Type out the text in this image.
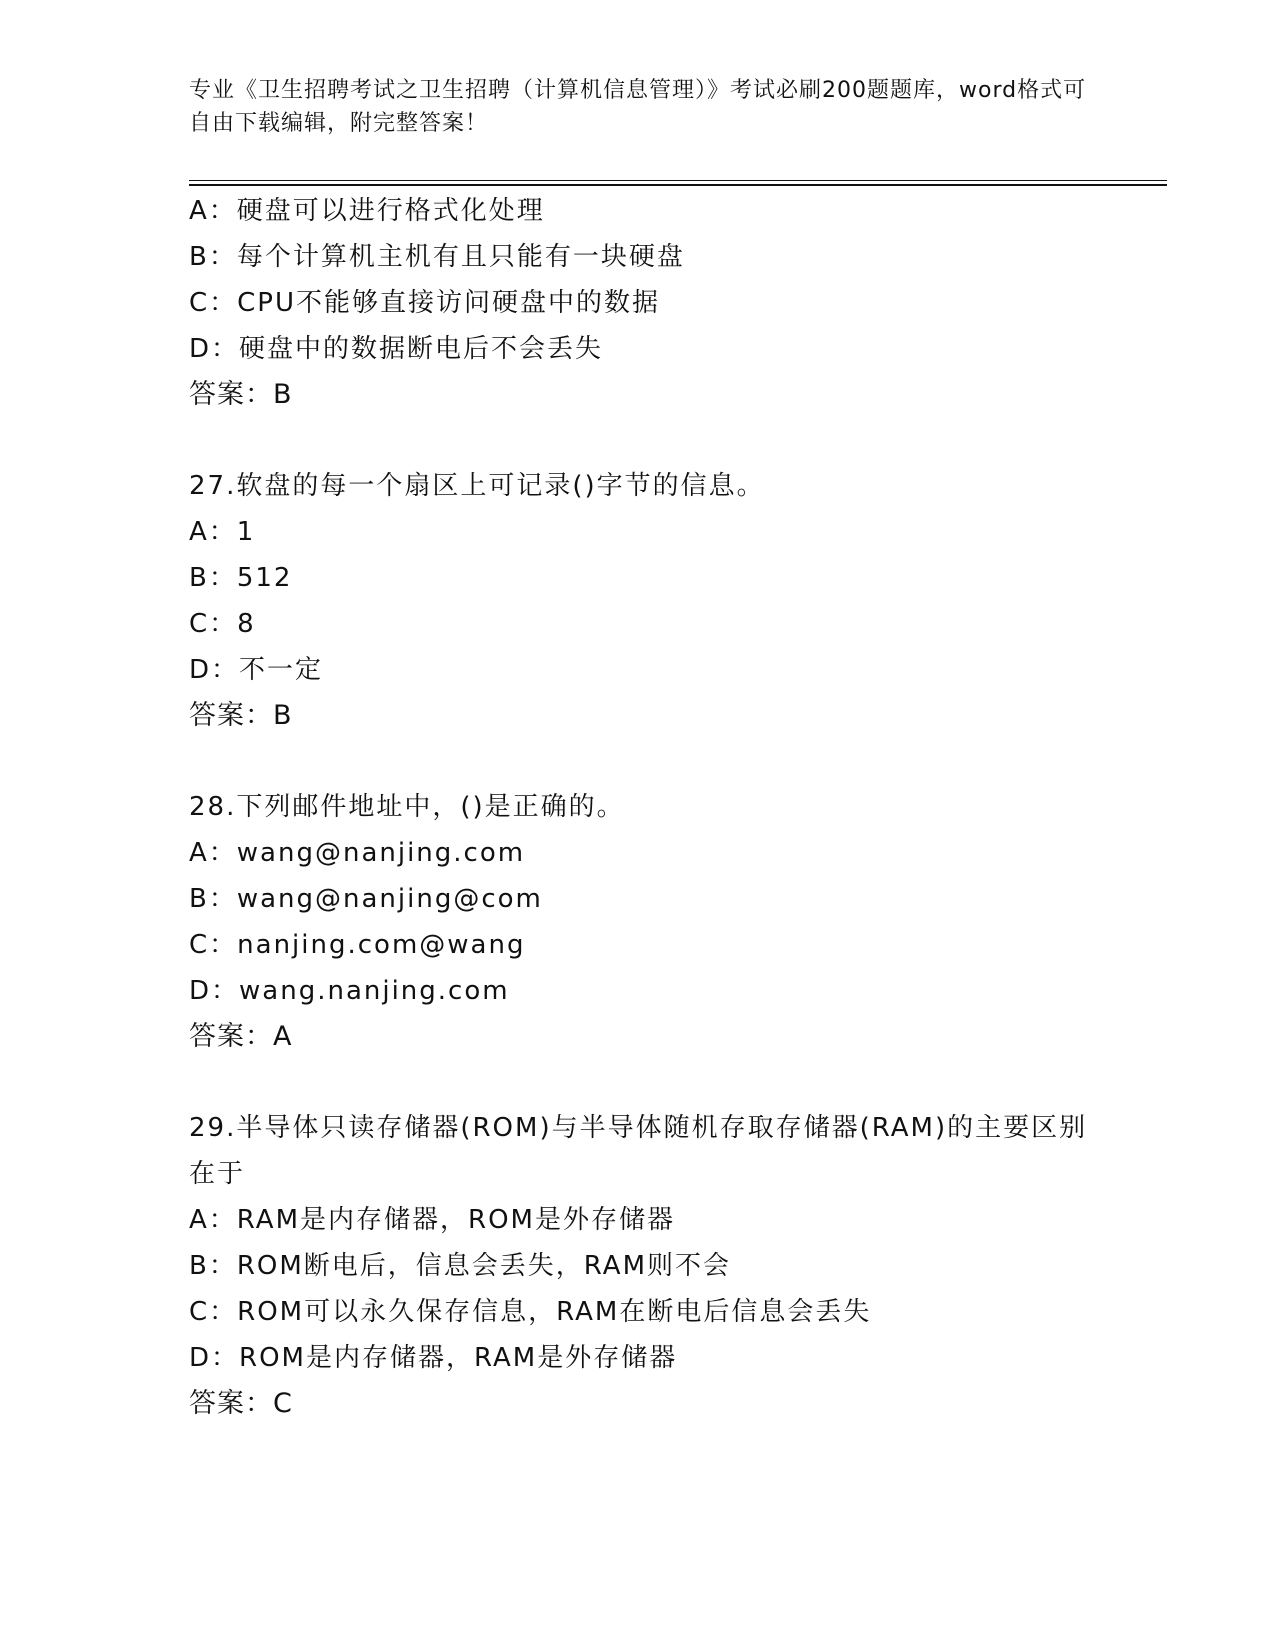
专业《卫生招聘考试之卫生招聘（计算机信息管理）》考试必刷200题题库，word格式可自由下载编辑，附完整答案！
A：硬盘可以进行格式化处理
B：每个计算机主机有且只能有一块硬盘
C：CPU不能够直接访问硬盘中的数据
D：硬盘中的数据断电后不会丢失
答案：B
27.软盘的每一个扇区上可记录()字节的信息。
A：1
B：512
C：8
D：不一定
答案：B
28.下列邮件地址中，()是正确的。
A：wang@nanjing.com
B：wang@nanjing@com
C：nanjing.com@wang
D：wang.nanjing.com
答案：A
29.半导体只读存储器(ROM)与半导体随机存取存储器(RAM)的主要区别在于
A：RAM是内存储器，ROM是外存储器
B：ROM断电后，信息会丢失，RAM则不会
C：ROM可以永久保存信息，RAM在断电后信息会丢失
D：ROM是内存储器，RAM是外存储器
答案：C
